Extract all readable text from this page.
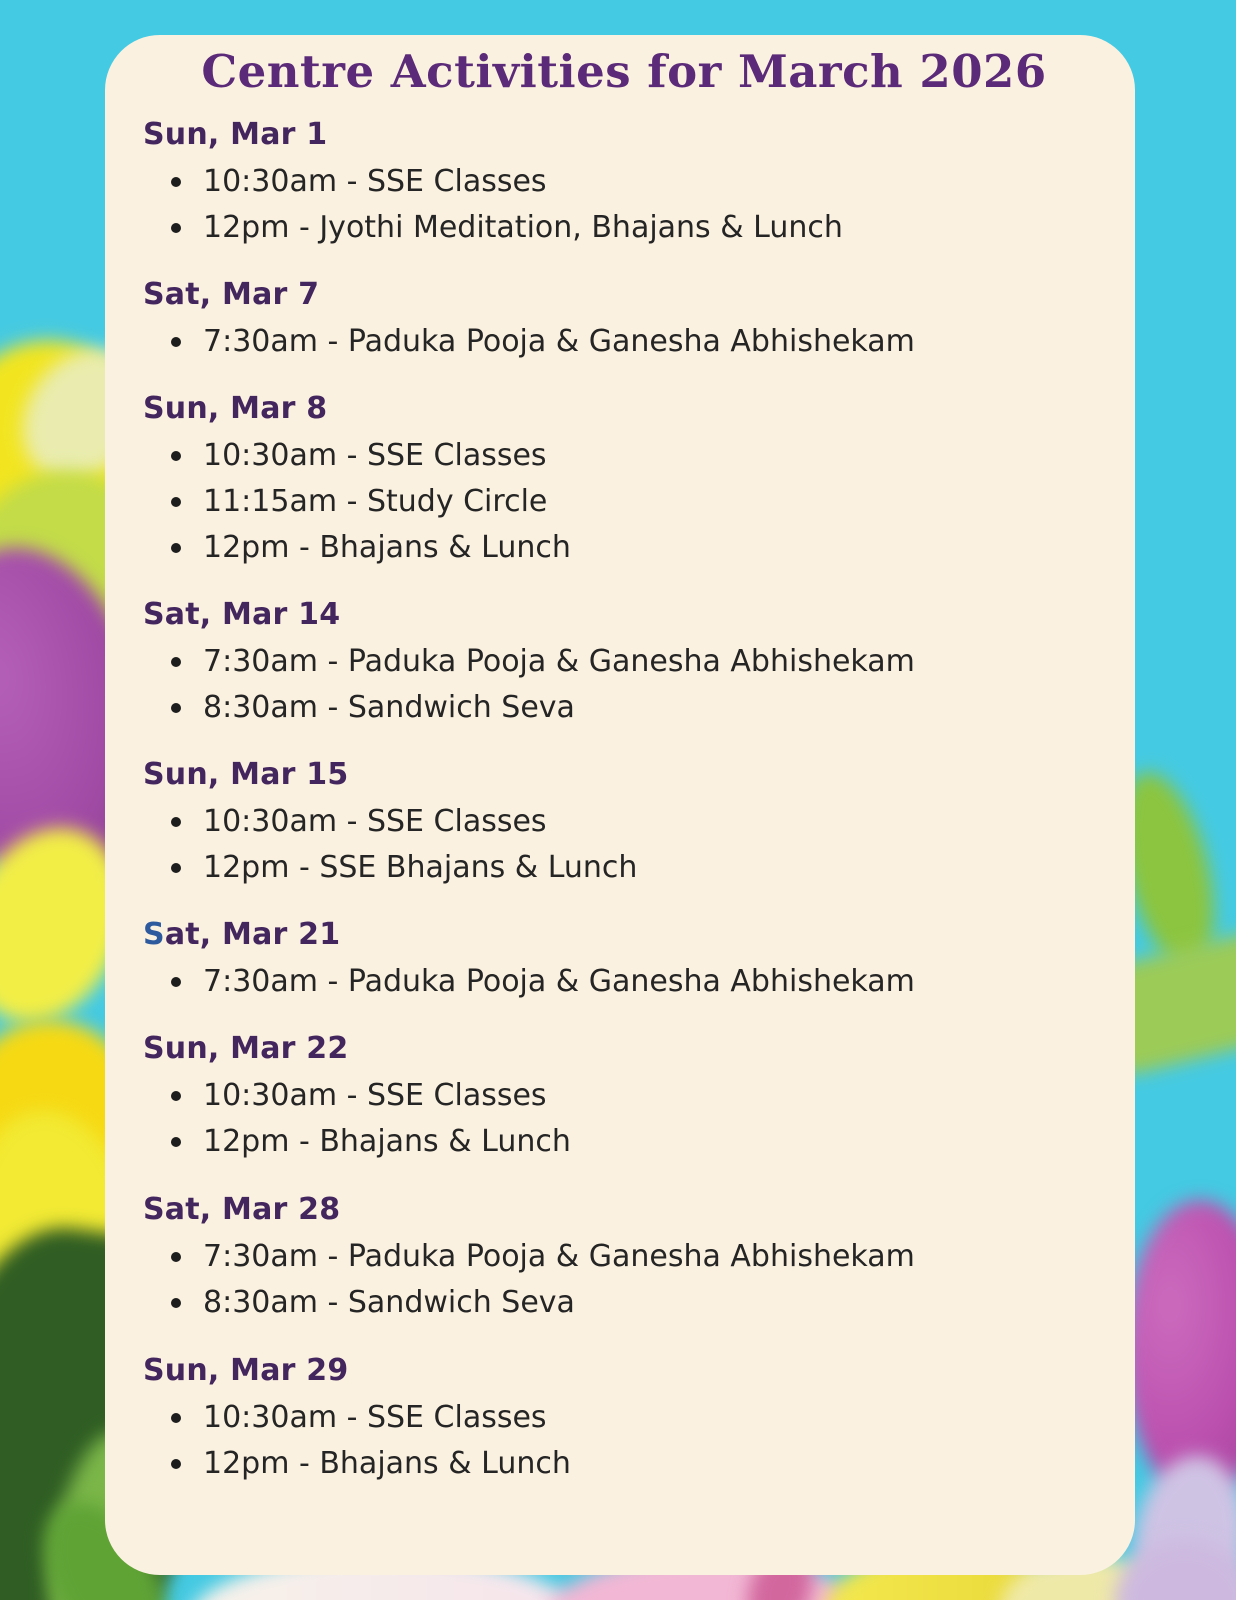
Centre Activities for March 2026
Sun, Mar 1
10:30am - SSE Classes
12pm - Jyothi Meditation, Bhajans & Lunch
Sat, Mar 7
7:30am - Paduka Pooja & Ganesha Abhishekam
Sun, Mar 8
10:30am - SSE Classes
11:15am - Study Circle
12pm - Bhajans & Lunch
Sat, Mar 14
7:30am - Paduka Pooja & Ganesha Abhishekam
8:30am - Sandwich Seva
Sun, Mar 15
10:30am - SSE Classes
12pm - SSE Bhajans & Lunch
Sat, Mar 21
7:30am - Paduka Pooja & Ganesha Abhishekam
Sun, Mar 22
10:30am - SSE Classes
12pm - Bhajans & Lunch
Sat, Mar 28
7:30am - Paduka Pooja & Ganesha Abhishekam
8:30am - Sandwich Seva
Sun, Mar 29
10:30am - SSE Classes
12pm - Bhajans & Lunch
